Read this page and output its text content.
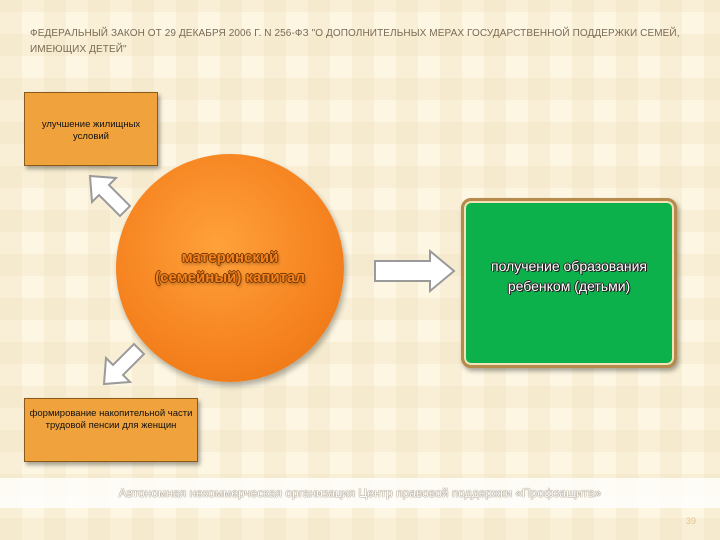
ФЕДЕРАЛЬНЫЙ ЗАКОН ОТ 29 ДЕКАБРЯ 2006 Г. N 256-ФЗ "О ДОПОЛНИТЕЛЬНЫХ МЕРАХ ГОСУДАРСТВЕННОЙ ПОДДЕРЖКИ СЕМЕЙ, ИМЕЮЩИХ ДЕТЕЙ"
улучшение жилищных условий
материнский (семейный) капитал
получение образования ребенком (детьми)
формирование накопительной части трудовой пенсии для женщин
Автономная некоммерческая организация Центр правовой поддержки «Профзащита»
39
